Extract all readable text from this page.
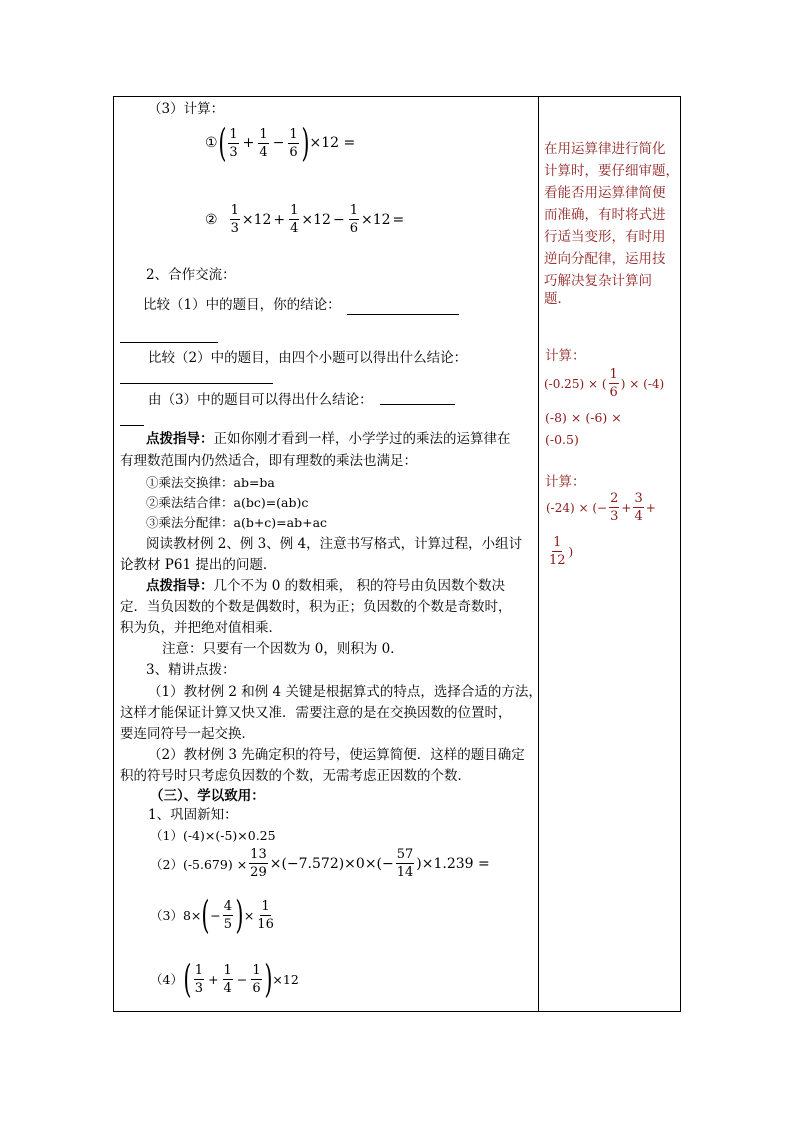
（3）计算：
① ( $\frac{1}{3} + \frac{1}{4} - \frac{1}{6}$ ) ×12 =
② $\frac{1}{3} \times 12 + \frac{1}{4} \times 12 - \frac{1}{6} \times 12$ =
2、合作交流：
比较（1）中的题目，你的结论：
比较（2）中的题目，由四个小题可以得出什么结论：
由（3）中的题目可以得出什么结论：
点拨指导：正如你刚才看到一样，小学学过的乘法的运算律在
有理数范围内仍然适合，即有理数的乘法也满足：
①乘法交换律：ab=ba
②乘法结合律：a(bc)=(ab)c
③乘法分配律：a(b+c)=ab+ac
阅读教材例 2、例 3、例 4，注意书写格式，计算过程，小组讨
论教材 P61 提出的问题．
点拨指导：几个不为 0 的数相乘， 积的符号由负因数个数决
定．当负因数的个数是偶数时，积为正；负因数的个数是奇数时，
积为负，并把绝对值相乘．
注意：只要有一个因数为 0，则积为 0．
3、精讲点拨：
（1）教材例 2 和例 4 关键是根据算式的特点，选择合适的方法，
这样才能保证计算又快又准．需要注意的是在交换因数的位置时，
要连同符号一起交换．
（2）教材例 3 先确定积的符号，使运算简便．这样的题目确定
积的符号时只考虑负因数的个数，无需考虑正因数的个数．
（三）、学以致用：
1、巩固新知：
（1）(-4)×(-5)×0.25
$(2)(-5.679) \times \frac{13}{29} \times(-7.572)\times 0\times(- \frac{57}{14} )\times 1.239$ =
（3）8× ( − $\frac{4}{5}$ ) × $\frac{1}{16}$
（4） ( $\frac{1}{3} + \frac{1}{4} - \frac{1}{6}$ ) ×12
在用运算律进行简化
计算时，要仔细审题，
看能否用运算律简便
而准确，有时将式进
行适当变形，有时用
逆向分配律，运用技
巧解决复杂计算问
题．
计算：
(-0.25) × ( $\frac{1}{6}$ ) × (-4)
(-8) × (-6) ×
(-0.5)
计算：
(-24) × (− $\frac{2}{3} + \frac{3}{4}$ +
$\frac{1}{12}$ )
